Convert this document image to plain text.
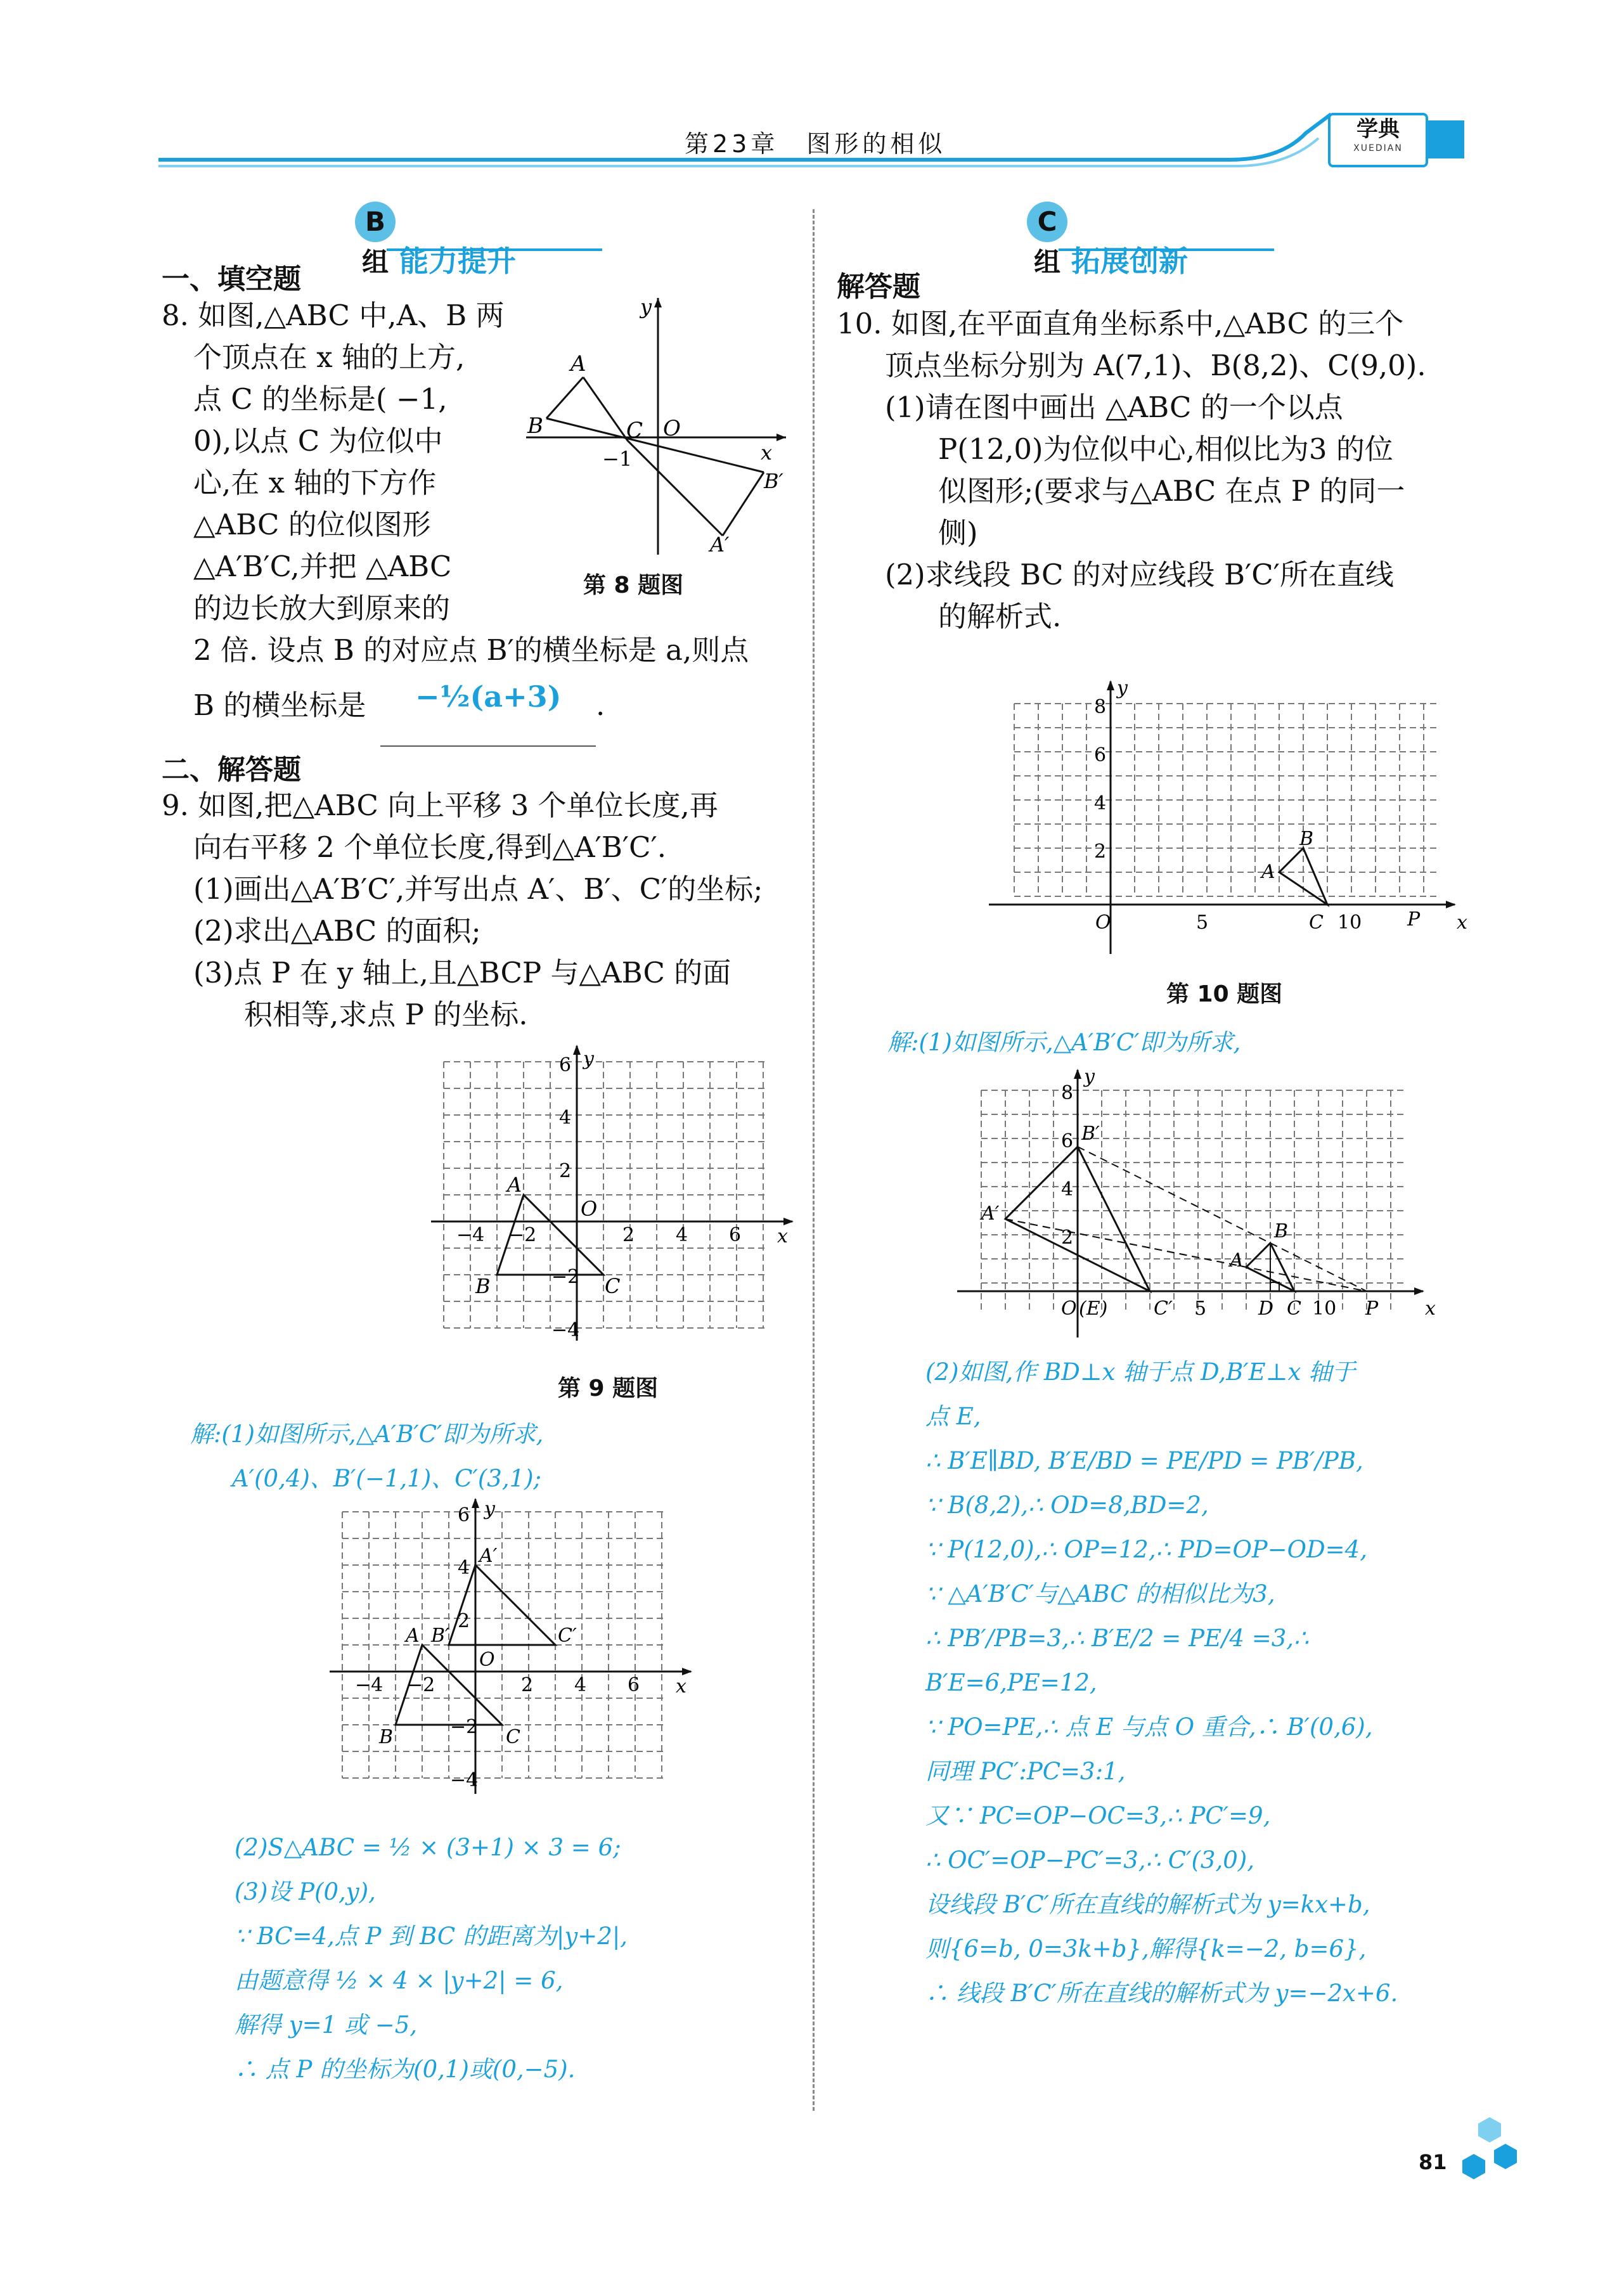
第23章　图形的相似
学典
XUEDIAN
B组 能力提升
一、填空题
8. 如图,△ABC 中,A、B 两
个顶点在 x 轴的上方,
点 C 的坐标是( −1,
0),以点 C 为位似中
心,在 x 轴的下方作
△ABC 的位似图形
△A′B′C,并把 △ABC
的边长放大到原来的
2 倍. 设点 B 的对应点 B′的横坐标是 a,则点
B 的横坐标是 −½(a+3) .
A
B	C O
−1	x
y
B′
A′
第 8 题图
二、解答题
9. 如图,把△ABC 向上平移 3 个单位长度,再
向右平移 2 个单位长度,得到△A′B′C′.
(1)画出△A′B′C′,并写出点 A′、B′、C′的坐标;
(2)求出△ABC 的面积;
(3)点 P 在 y 轴上,且△BCP 与△ABC 的面
积相等,求点 P 的坐标.
A
B	C
O
y
x
6
4
2
−2
−4
−4 −2	2 4 6
第 9 题图
解:(1)如图所示,△A′B′C′即为所求,
A′(0,4)、B′(−1,1)、C′(3,1);
A
B	C
A′
B′	C′
O
y
x
6
4
2
−2
−4
−4 −2	2 4 6
(2)S△ABC = ½ × (3+1) × 3 = 6;
(3)设 P(0,y),
∵ BC=4,点 P 到 BC 的距离为|y+2|,
由题意得 ½ × 4 × |y+2| = 6,
解得 y=1 或 −5,
∴ 点 P 的坐标为(0,1)或(0,−5).
C组 拓展创新
解答题
10. 如图,在平面直角坐标系中,△ABC 的三个
顶点坐标分别为 A(7,1)、B(8,2)、C(9,0).
(1)请在图中画出 △ABC 的一个以点
P(12,0)为位似中心,相似比为3 的位
似图形;(要求与△ABC 在点 P 的同一
侧)
(2)求线段 BC 的对应线段 B′C′所在直线
的解析式.
A
B
C	P
O
y
x
8
6
4
2
5	10
第 10 题图
解:(1)如图所示,△A′B′C′即为所求,
A′
B′
C′
A
B
C
D	P
O (E)
y
x
8
6
4
2
5	10
(2)如图,作 BD⊥x 轴于点 D,B′E⊥x 轴于
点 E,
∴ B′E∥BD, B′E/BD = PE/PD = PB′/PB,
∵ B(8,2),∴ OD=8,BD=2,
∵ P(12,0),∴ OP=12,∴ PD=OP−OD=4,
∵ △A′B′C′与△ABC 的相似比为3,
∴ PB′/PB=3,∴ B′E/2 = PE/4 =3,∴ B′E=6,PE=12,
∵ PO=PE,∴ 点 E 与点 O 重合,∴ B′(0,6),
同理 PC′:PC=3:1,
又∵ PC=OP−OC=3,∴ PC′=9,
∴ OC′=OP−PC′=3,∴ C′(3,0),
设线段 B′C′所在直线的解析式为 y=kx+b,
则{6=b, 0=3k+b},解得{k=−2, b=6},
∴ 线段 B′C′所在直线的解析式为 y=−2x+6.
81
